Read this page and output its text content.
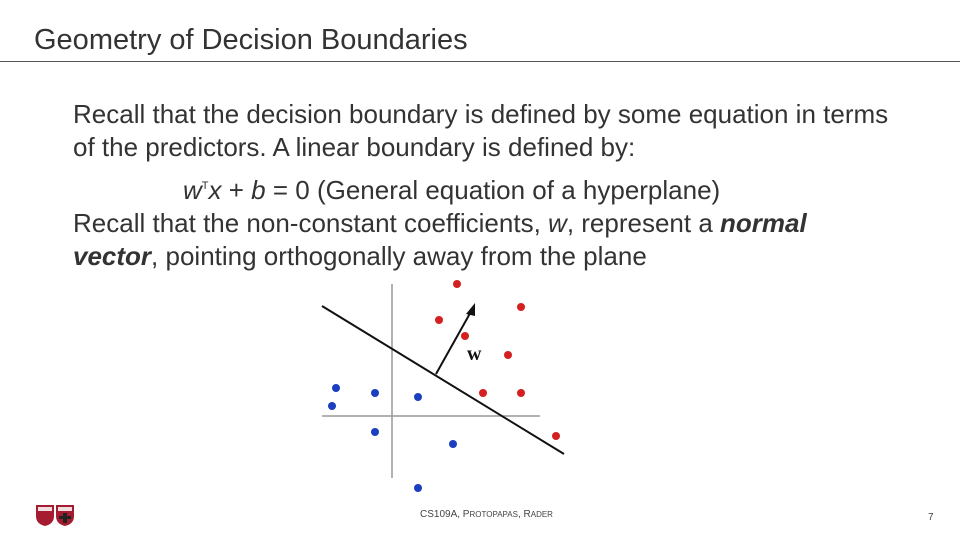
Geometry of Decision Boundaries

Recall that the decision boundary is defined by some equation in terms of the predictors. A linear boundary is defined by:

$w^Tx + b = 0$ (General equation of a hyperplane)

Recall that the non-constant coefficients, w, represent a normal vector, pointing orthogonally away from the plane

w
CS109A, PROTOPAPAS, RADER	7
